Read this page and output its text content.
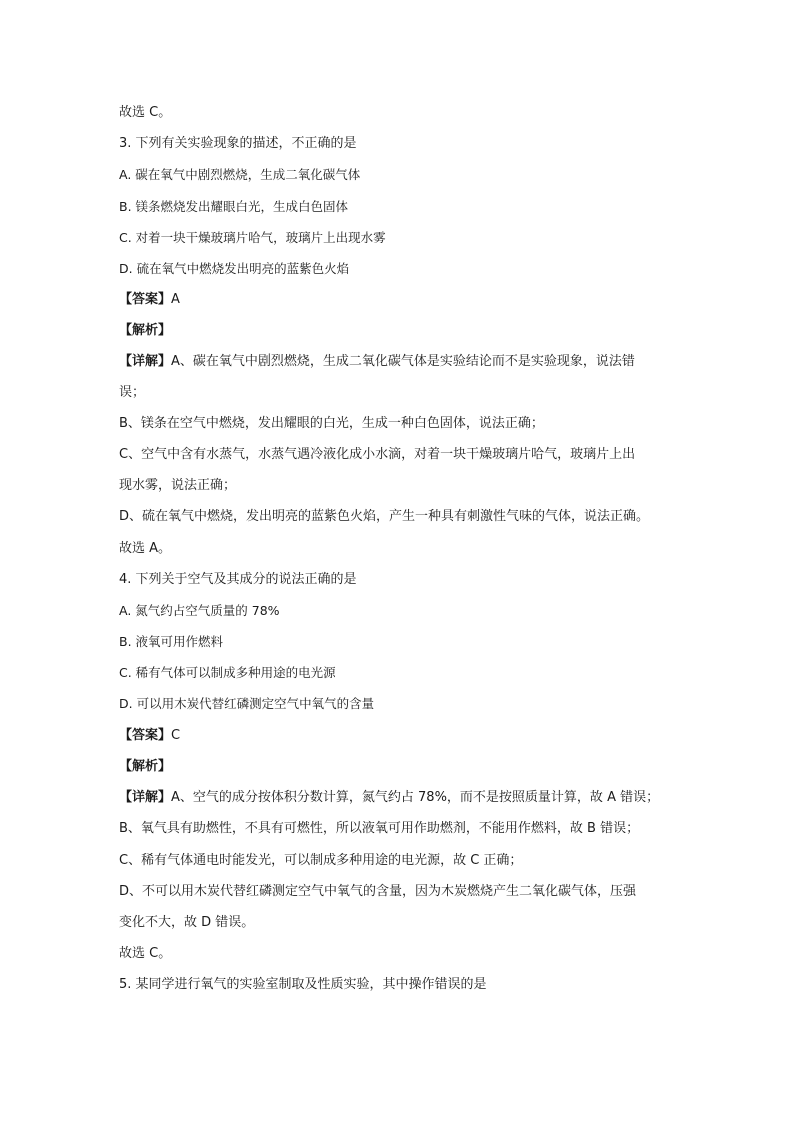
故选 C。
3. 下列有关实验现象的描述，不正确的是
A. 碳在氧气中剧烈燃烧，生成二氧化碳气体
B. 镁条燃烧发出耀眼白光，生成白色固体
C. 对着一块干燥玻璃片哈气，玻璃片上出现水雾
D. 硫在氧气中燃烧发出明亮的蓝紫色火焰
【答案】A
【解析】
【详解】A、碳在氧气中剧烈燃烧，生成二氧化碳气体是实验结论而不是实验现象，说法错
误；
B、镁条在空气中燃烧，发出耀眼的白光，生成一种白色固体，说法正确；
C、空气中含有水蒸气，水蒸气遇冷液化成小水滴，对着一块干燥玻璃片哈气，玻璃片上出
现水雾，说法正确；
D、硫在氧气中燃烧，发出明亮的蓝紫色火焰，产生一种具有刺激性气味的气体，说法正确。
故选 A。
4. 下列关于空气及其成分的说法正确的是
A. 氮气约占空气质量的 78%
B. 液氧可用作燃料
C. 稀有气体可以制成多种用途的电光源
D. 可以用木炭代替红磷测定空气中氧气的含量
【答案】C
【解析】
【详解】A、空气的成分按体积分数计算，氮气约占 78%，而不是按照质量计算，故 A 错误；
B、氧气具有助燃性，不具有可燃性，所以液氧可用作助燃剂，不能用作燃料，故 B 错误；
C、稀有气体通电时能发光，可以制成多种用途的电光源，故 C 正确；
D、不可以用木炭代替红磷测定空气中氧气的含量，因为木炭燃烧产生二氧化碳气体，压强
变化不大，故 D 错误。
故选 C。
5. 某同学进行氧气的实验室制取及性质实验，其中操作错误的是
